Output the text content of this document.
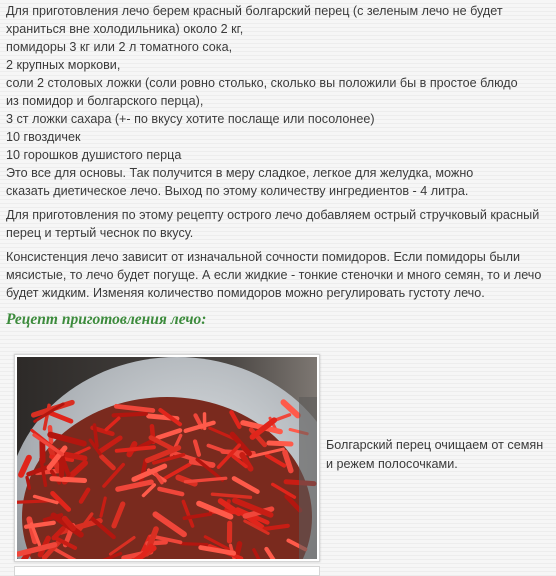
Для приготовления лечо берем красный болгарский перец (с зеленым лечо не будет
храниться вне холодильника) около 2 кг,
помидоры 3 кг или 2 л томатного сока,
2 крупных моркови,
соли 2 столовых ложки (соли ровно столько, сколько вы положили бы в простое блюдо
из помидор и болгарского перца),
3 ст ложки сахара (+- по вкусу хотите послаще или посолонее)
10 гвоздичек
10 горошков душистого перца
Это все для основы. Так получится в меру сладкое, легкое для желудка, можно
сказать диетическое лечо. Выход по этому количеству ингредиентов - 4 литра.

Для приготовления по этому рецепту острого лечо добавляем острый стручковый красный перец и тертый чеснок по вкусу.

Консистенция лечо зависит от изначальной сочности помидоров. Если помидоры были мясистые, то лечо будет погуще. А если жидкие - тонкие стеночки и много семян, то и лечо будет жидким. Изменяя количество помидоров можно регулировать густоту лечо.

Рецепт приготовления лечо:
Болгарский перец очищаем от семян и режем полосочками.
